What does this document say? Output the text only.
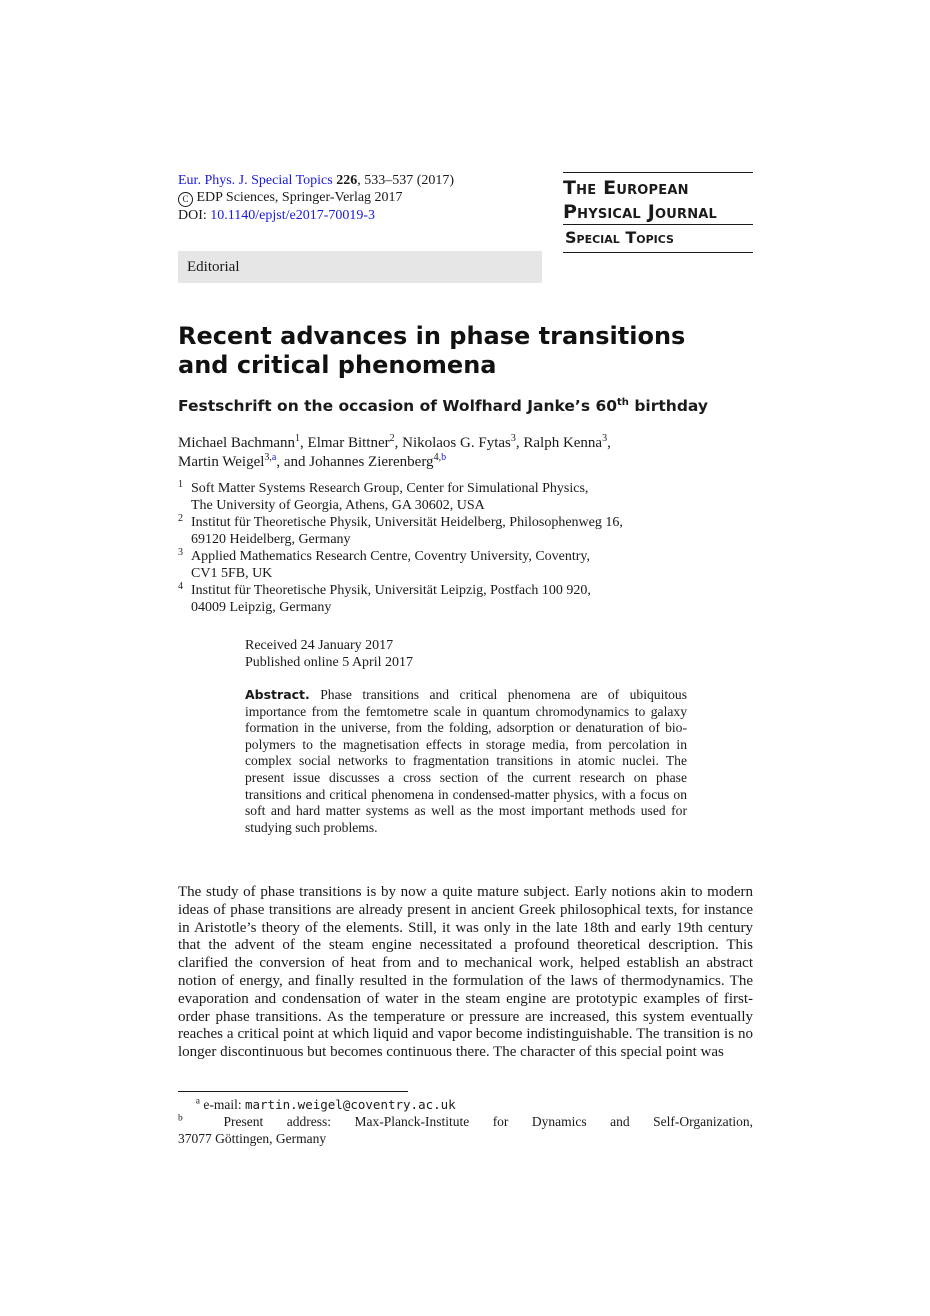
Eur. Phys. J. Special Topics 226, 533–537 (2017)
C EDP Sciences, Springer-Verlag 2017
DOI: 10.1140/epjst/e2017-70019-3
The European
Physical Journal
Special Topics
Editorial
Recent advances in phase transitions and critical phenomena
Festschrift on the occasion of Wolfhard Janke’s 60th birthday
Michael Bachmann$^1$, Elmar Bittner$^2$, Nikolaos G. Fytas$^3$, Ralph Kenna$^3$,
Martin Weigel$^{3,a}$, and Johannes Zierenberg$^{4,b}$
1 Soft Matter Systems Research Group, Center for Simulational Physics,
The University of Georgia, Athens, GA 30602, USA
2 Institut für Theoretische Physik, Universität Heidelberg, Philosophenweg 16,
69120 Heidelberg, Germany
3 Applied Mathematics Research Centre, Coventry University, Coventry,
CV1 5FB, UK
4 Institut für Theoretische Physik, Universität Leipzig, Postfach 100 920,
04009 Leipzig, Germany
Received 24 January 2017
Published online 5 April 2017
Abstract. Phase transitions and critical phenomena are of ubiquitous importance from the femtometre scale in quantum chromodynamics to galaxy formation in the universe, from the folding, adsorption or denaturation of bio-polymers to the magnetisation effects in storage media, from percolation in complex social networks to fragmentation transitions in atomic nuclei. The present issue discusses a cross section of the current research on phase transitions and critical phenomena in condensed-matter physics, with a focus on soft and hard matter systems as well as the most important methods used for studying such problems.
The study of phase transitions is by now a quite mature subject. Early notions akin to modern ideas of phase transitions are already present in ancient Greek philosophical texts, for instance in Aristotle’s theory of the elements. Still, it was only in the late 18th and early 19th century that the advent of the steam engine necessitated a profound theoretical description. This clarified the conversion of heat from and to mechanical work, helped establish an abstract notion of energy, and finally resulted in the formulation of the laws of thermodynamics. The evaporation and condensation of water in the steam engine are prototypic examples of first-order phase transitions. As the temperature or pressure are increased, this system eventually reaches a critical point at which liquid and vapor become indistinguishable. The transition is no longer discontinuous but becomes continuous there. The character of this special point was
$^a$ e-mail: martin.weigel@coventry.ac.uk
$^b$	Present address: Max-Planck-Institute for Dynamics and Self-Organization,
37077 Göttingen, Germany
